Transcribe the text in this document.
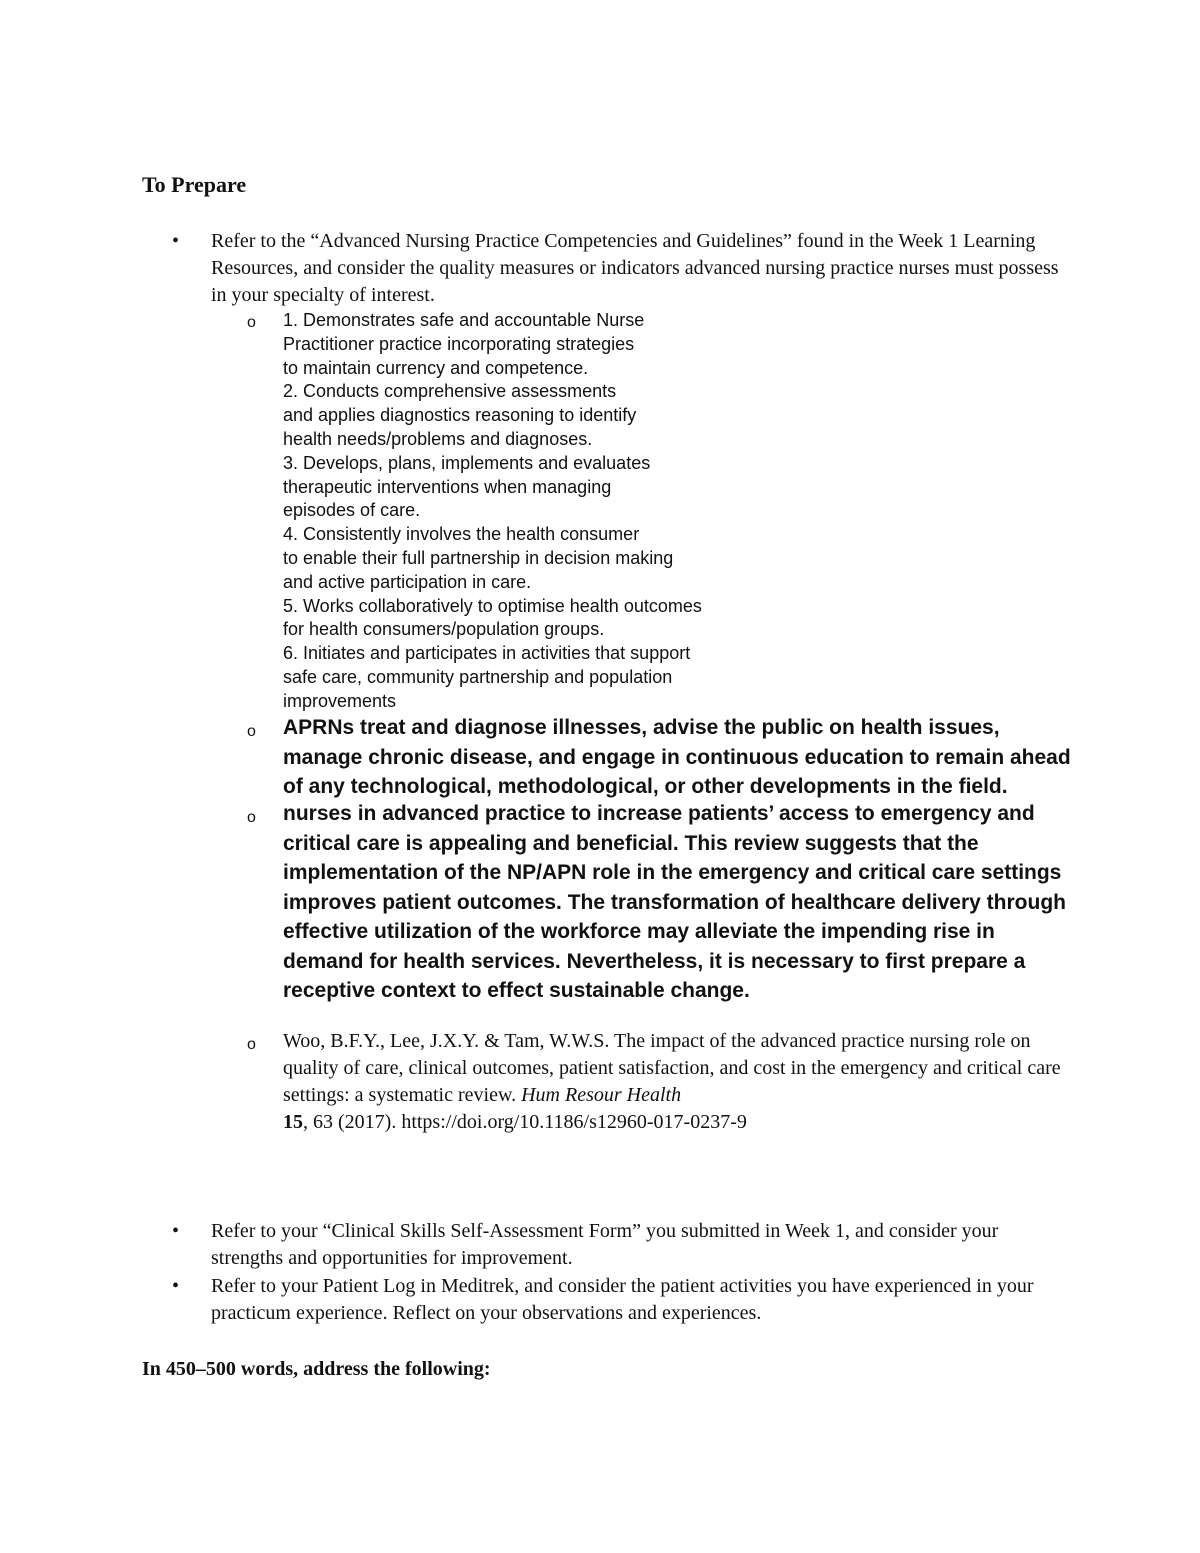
To Prepare
• Refer to the “Advanced Nursing Practice Competencies and Guidelines” found in the Week 1 Learning Resources, and consider the quality measures or indicators advanced nursing practice nurses must possess in your specialty of interest.
o 1. Demonstrates safe and accountable Nurse
Practitioner practice incorporating strategies
to maintain currency and competence.
2. Conducts comprehensive assessments
and applies diagnostics reasoning to identify
health needs/problems and diagnoses.
3. Develops, plans, implements and evaluates
therapeutic interventions when managing
episodes of care.
4. Consistently involves the health consumer
to enable their full partnership in decision making
and active participation in care.
5. Works collaboratively to optimise health outcomes
for health consumers/population groups.
6. Initiates and participates in activities that support
safe care, community partnership and population
improvements
o APRNs treat and diagnose illnesses, advise the public on health issues, manage chronic disease, and engage in continuous education to remain ahead of any technological, methodological, or other developments in the field.
o nurses in advanced practice to increase patients’ access to emergency and critical care is appealing and beneficial. This review suggests that the implementation of the NP/APN role in the emergency and critical care settings improves patient outcomes. The transformation of healthcare delivery through effective utilization of the workforce may alleviate the impending rise in demand for health services. Nevertheless, it is necessary to first prepare a receptive context to effect sustainable change.
o Woo, B.F.Y., Lee, J.X.Y. & Tam, W.W.S. The impact of the advanced practice nursing role on quality of care, clinical outcomes, patient satisfaction, and cost in the emergency and critical care settings: a systematic review. Hum Resour Health
15, 63 (2017). https://doi.org/10.1186/s12960-017-0237-9
• Refer to your “Clinical Skills Self-Assessment Form” you submitted in Week 1, and consider your strengths and opportunities for improvement.
• Refer to your Patient Log in Meditrek, and consider the patient activities you have experienced in your practicum experience. Reflect on your observations and experiences.

In 450–500 words, address the following:
